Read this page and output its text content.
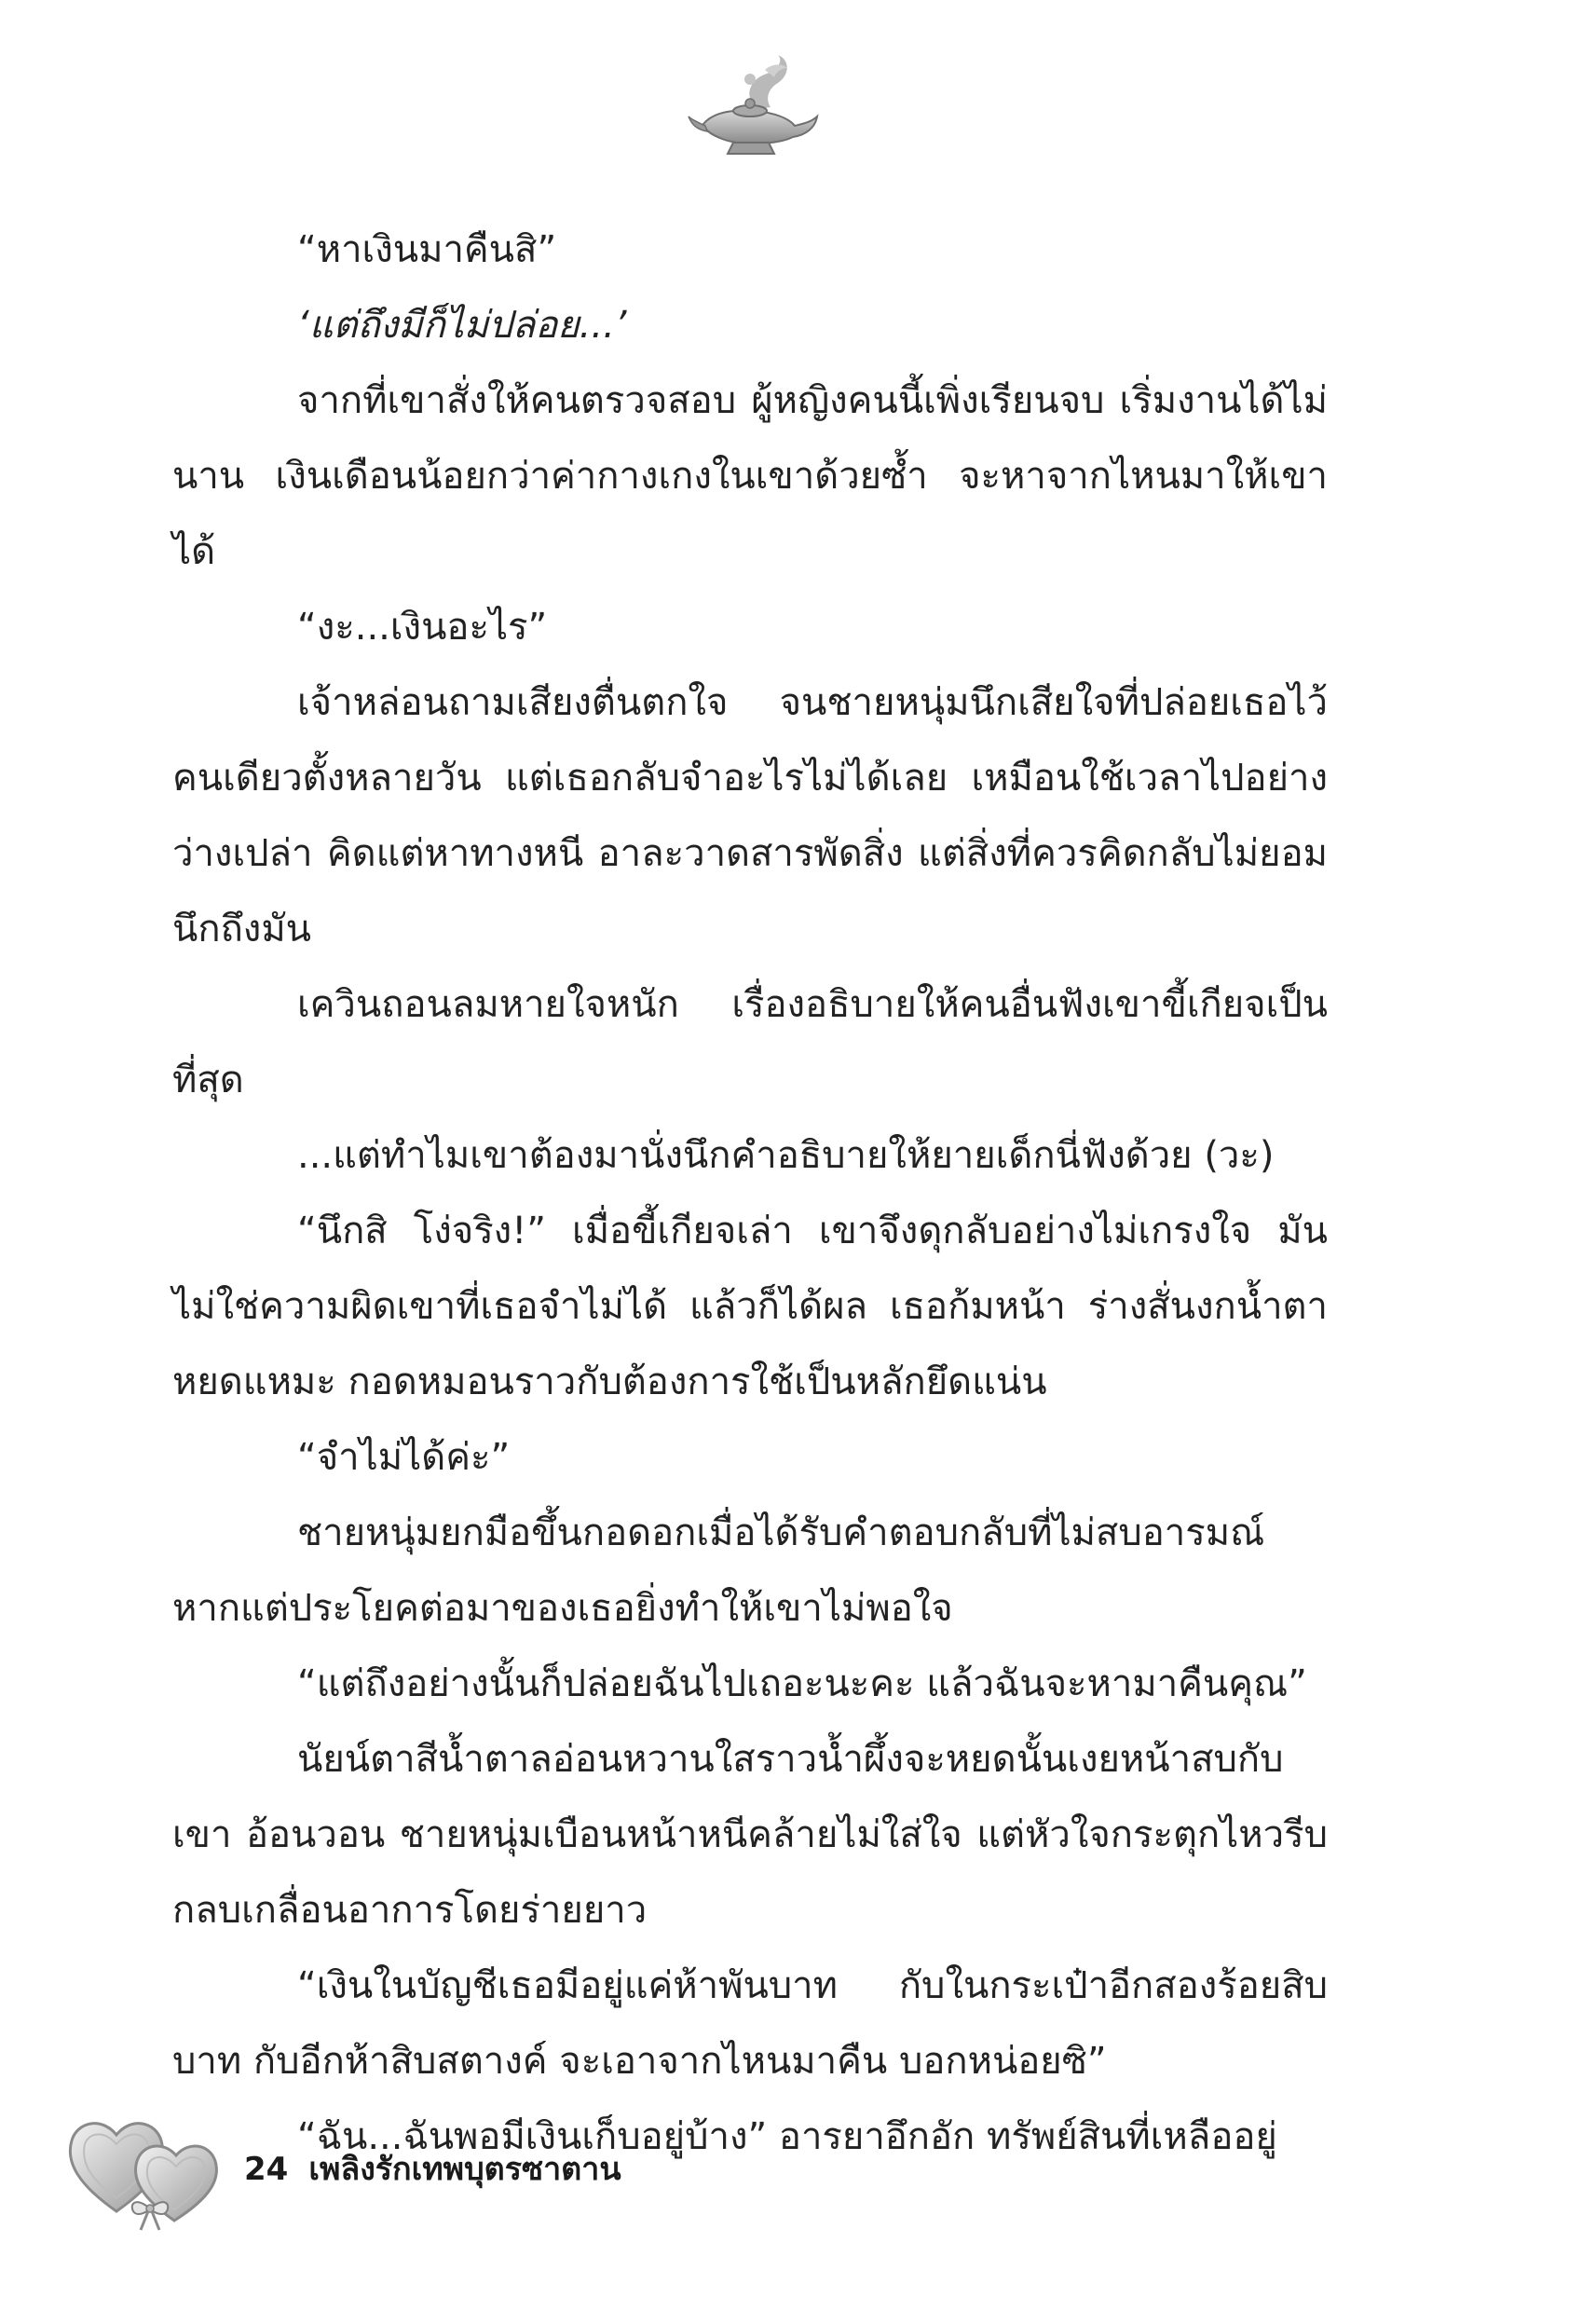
“หาเงินมาคืนสิ”

‘แต่ถึงมีก็ไม่ปล่อย...’

จากที่เขาสั่งให้คนตรวจสอบ ผู้หญิงคนนี้เพิ่งเรียนจบ เริ่มงานได้ไม่นาน เงินเดือนน้อยกว่าค่ากางเกงในเขาด้วยซ้ำ จะหาจากไหนมาให้เขาได้

“งะ...เงินอะไร”

เจ้าหล่อนถามเสียงตื่นตกใจ จนชายหนุ่มนึกเสียใจที่ปล่อยเธอไว้คนเดียวตั้งหลายวัน แต่เธอกลับจำอะไรไม่ได้เลย เหมือนใช้เวลาไปอย่างว่างเปล่า คิดแต่หาทางหนี อาละวาดสารพัดสิ่ง แต่สิ่งที่ควรคิดกลับไม่ยอมนึกถึงมัน

เควินถอนลมหายใจหนัก เรื่องอธิบายให้คนอื่นฟังเขาขี้เกียจเป็นที่สุด

...แต่ทำไมเขาต้องมานั่งนึกคำอธิบายให้ยายเด็กนี่ฟังด้วย (วะ)

“นึกสิ โง่จริง!” เมื่อขี้เกียจเล่า เขาจึงดุกลับอย่างไม่เกรงใจ มันไม่ใช่ความผิดเขาที่เธอจำไม่ได้ แล้วก็ได้ผล เธอก้มหน้า ร่างสั่นงกน้ำตาหยดแหมะ กอดหมอนราวกับต้องการใช้เป็นหลักยึดแน่น

“จำไม่ได้ค่ะ”

ชายหนุ่มยกมือขึ้นกอดอกเมื่อได้รับคำตอบกลับที่ไม่สบอารมณ์หากแต่ประโยคต่อมาของเธอยิ่งทำให้เขาไม่พอใจ

“แต่ถึงอย่างนั้นก็ปล่อยฉันไปเถอะนะคะ แล้วฉันจะหามาคืนคุณ”

นัยน์ตาสีน้ำตาลอ่อนหวานใสราวน้ำผึ้งจะหยดนั้นเงยหน้าสบกับเขา อ้อนวอน ชายหนุ่มเบือนหน้าหนีคล้ายไม่ใส่ใจ แต่หัวใจกระตุกไหวรีบกลบเกลื่อนอาการโดยร่ายยาว

“เงินในบัญชีเธอมีอยู่แค่ห้าพันบาท กับในกระเป๋าอีกสองร้อยสิบบาท กับอีกห้าสิบสตางค์ จะเอาจากไหนมาคืน บอกหน่อยซิ”

“ฉัน...ฉันพอมีเงินเก็บอยู่บ้าง” อารยาอึกอัก ทรัพย์สินที่เหลืออยู่

24 เพลิงรักเทพบุตรซาตาน
